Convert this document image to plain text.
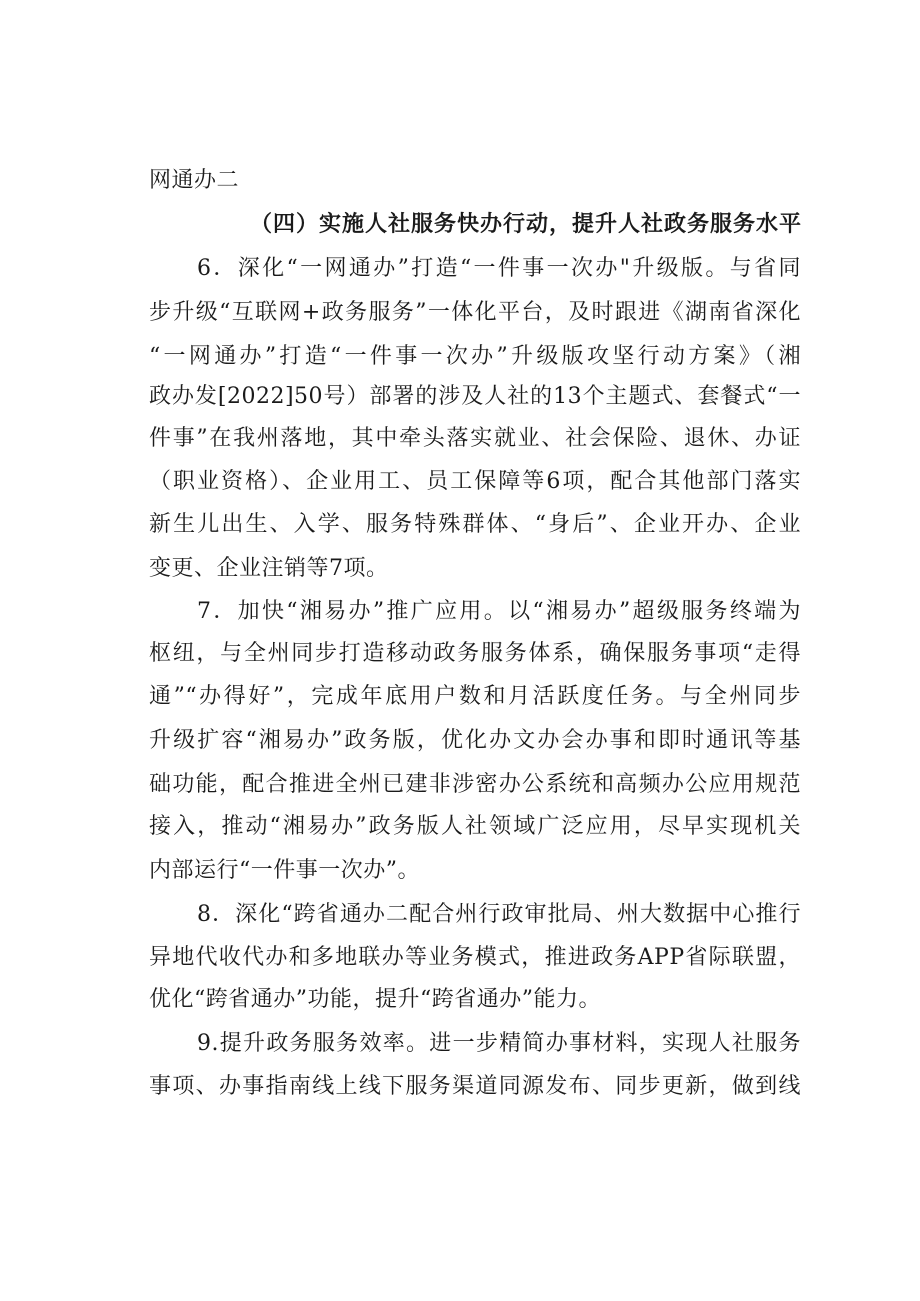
网通办二
（四）实施人社服务快办行动，提升人社政务服务水平
6．深化“一网通办”打造“一件事一次办"升级版。与省同
步升级“互联网+政务服务”一体化平台，及时跟进《湖南省深化
“一网通办”打造“一件事一次办”升级版攻坚行动方案》（湘
政办发[2022]50号）部署的涉及人社的13个主题式、套餐式“一
件事”在我州落地，其中牵头落实就业、社会保险、退休、办证
（职业资格）、企业用工、员工保障等6项，配合其他部门落实
新生儿出生、入学、服务特殊群体、“身后”、企业开办、企业
变更、企业注销等7项。
7．加快“湘易办”推广应用。以“湘易办”超级服务终端为
枢纽，与全州同步打造移动政务服务体系，确保服务事项“走得
通”“办得好”，完成年底用户数和月活跃度任务。与全州同步
升级扩容“湘易办”政务版，优化办文办会办事和即时通讯等基
础功能，配合推进全州已建非涉密办公系统和高频办公应用规范
接入，推动“湘易办”政务版人社领域广泛应用，尽早实现机关
内部运行“一件事一次办”。
8．深化“跨省通办二配合州行政审批局、州大数据中心推行
异地代收代办和多地联办等业务模式，推进政务APP省际联盟，
优化“跨省通办”功能，提升“跨省通办”能力。
9.提升政务服务效率。进一步精简办事材料，实现人社服务
事项、办事指南线上线下服务渠道同源发布、同步更新，做到线
